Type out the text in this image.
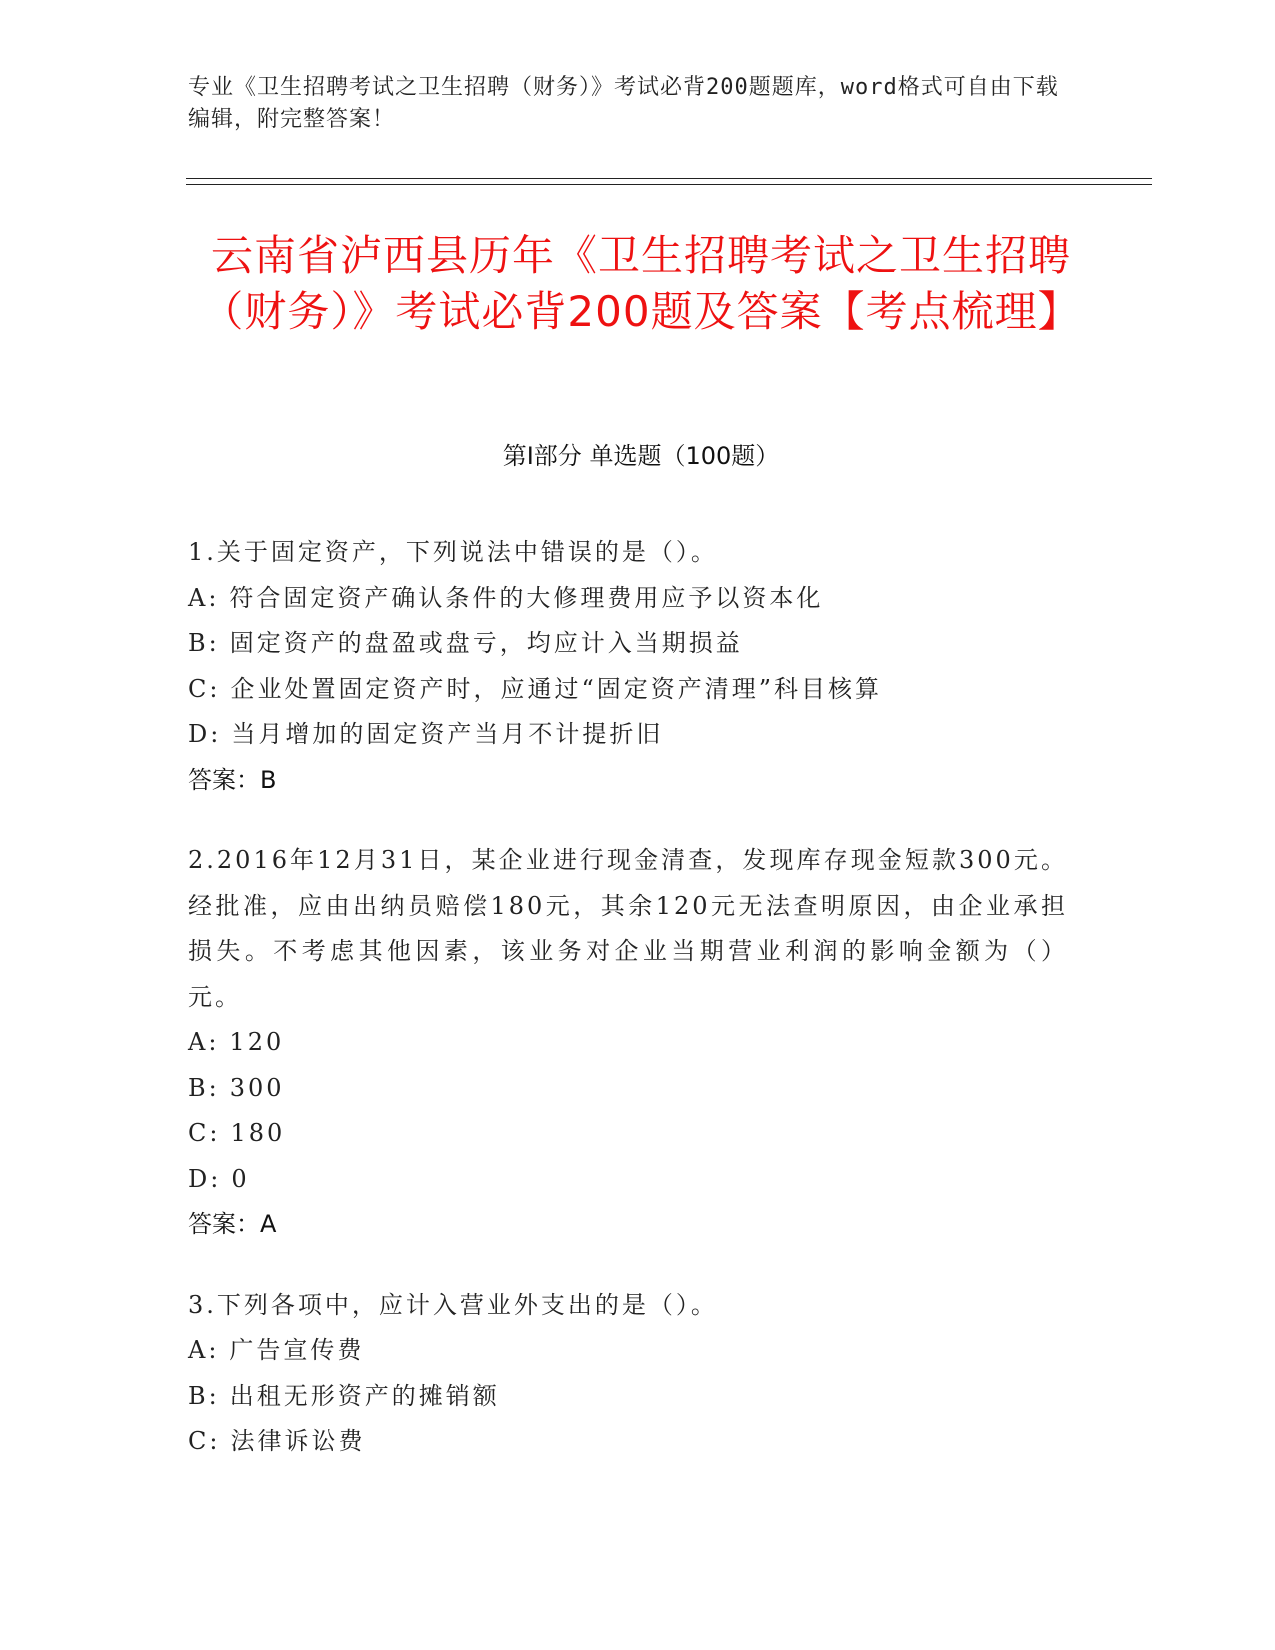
专业《卫生招聘考试之卫生招聘（财务）》考试必背200题题库，word格式可自由下载编辑，附完整答案！
云南省泸西县历年《卫生招聘考试之卫生招聘（财务）》考试必背200题及答案【考点梳理】
第Ⅰ部分 单选题（100题）
1.关于固定资产，下列说法中错误的是（）。
A: 符合固定资产确认条件的大修理费用应予以资本化
B: 固定资产的盘盈或盘亏，均应计入当期损益
C: 企业处置固定资产时，应通过“固定资产清理”科目核算
D: 当月增加的固定资产当月不计提折旧
答案：B
2.2016年12月31日，某企业进行现金清查，发现库存现金短款300元。经批准，应由出纳员赔偿180元，其余120元无法查明原因，由企业承担损失。不考虑其他因素，该业务对企业当期营业利润的影响金额为（）元。
A: 120
B: 300
C: 180
D: 0
答案：A
3.下列各项中，应计入营业外支出的是（）。
A: 广告宣传费
B: 出租无形资产的摊销额
C: 法律诉讼费
